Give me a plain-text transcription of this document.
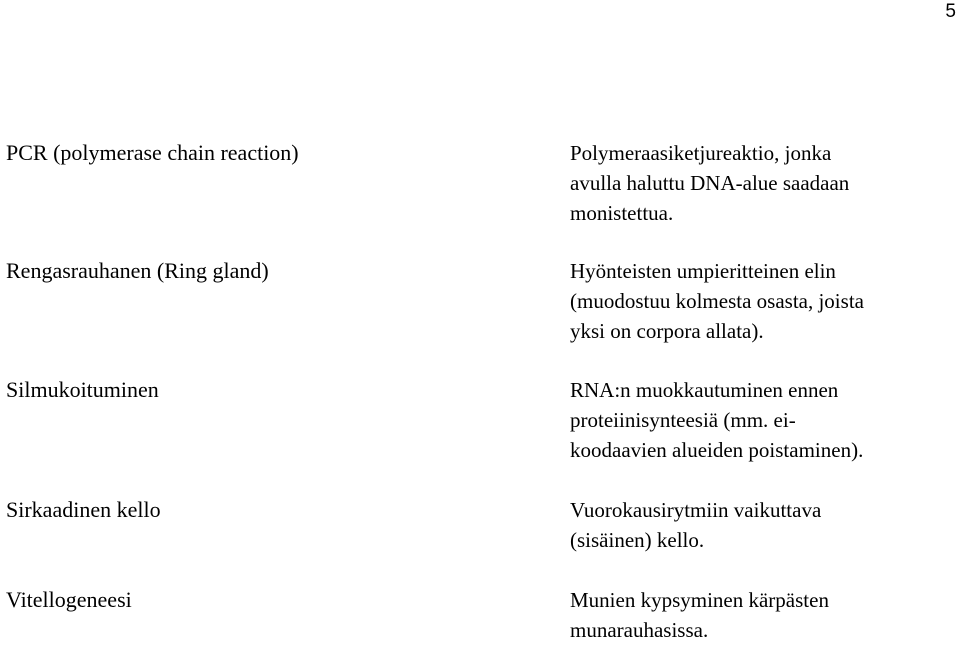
5
PCR (polymerase chain reaction)	Polymeraasiketjureaktio, jonka
avulla haluttu DNA-alue saadaan
monistettua.
Rengasrauhanen (Ring gland)	Hyönteisten umpieritteinen elin
(muodostuu kolmesta osasta, joista
yksi on corpora allata).
Silmukoituminen	RNA:n muokkautuminen ennen
proteiinisynteesiä (mm. ei-
koodaavien alueiden poistaminen).
Sirkaadinen kello	Vuorokausirytmiin vaikuttava
(sisäinen) kello.
Vitellogeneesi	Munien kypsyminen kärpästen
munarauhasissa.
